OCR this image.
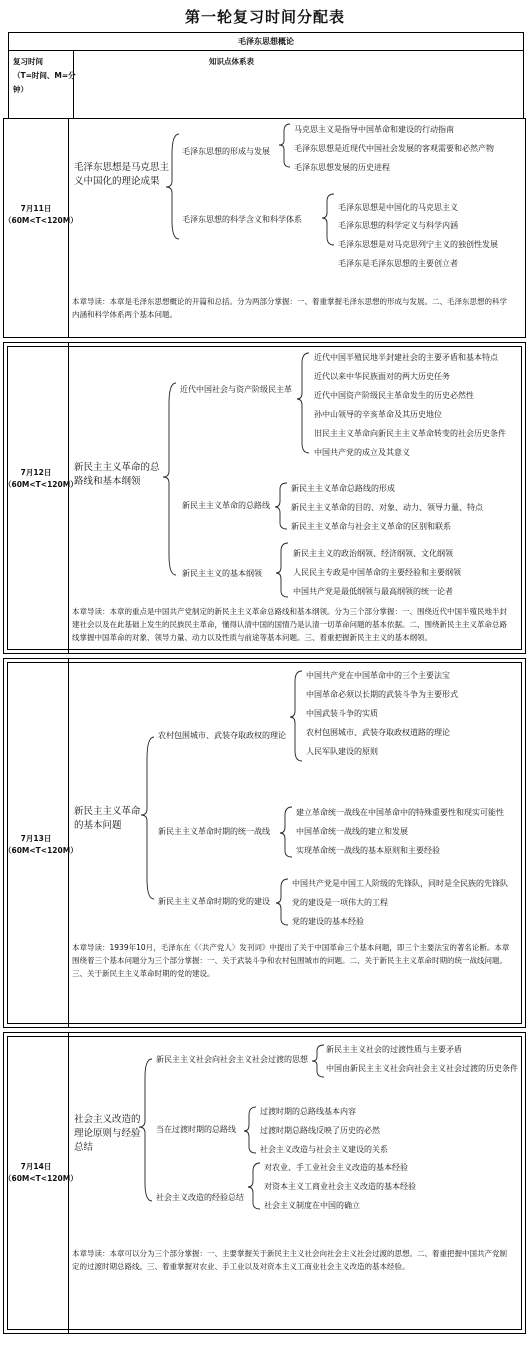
第一轮复习时间分配表
毛泽东思想概论
复习时间
（T=时间、M=分
钟）
知识点体系表
7月11日
（60M<T<120M）
毛泽东思想是马克思主义中国化的理论成果
毛泽东思想的形成与发展
毛泽东思想的科学含义和科学体系
马克思主义是指导中国革命和建设的行动指南
毛泽东思想是近现代中国社会发展的客观需要和必然产物
毛泽东思想发展的历史进程
毛泽东思想是中国化的马克思主义
毛泽东思想的科学定义与科学内涵
毛泽东思想是对马克思列宁主义的独创性发展
毛泽东是毛泽东思想的主要创立者
本章导读：本章是毛泽东思想概论的开篇和总括。分为两部分掌握：一、着重掌握毛泽东思想的形成与发展。二、毛泽东思想的科学内涵和科学体系两个基本问题。
7月12日
（60M<T<120M）
新民主主义革命的总路线和基本纲领
近代中国社会与资产阶级民主革
新民主主义革命的总路线
新民主主义的基本纲领
近代中国半殖民地半封建社会的主要矛盾和基本特点
近代以来中华民族面对的两大历史任务
近代中国资产阶级民主革命发生的历史必然性
孙中山领导的辛亥革命及其历史地位
旧民主主义革命向新民主主义革命转变的社会历史条件
中国共产党的成立及其意义
新民主主义革命总路线的形成
新民主主义革命的目的、对象、动力、领导力量、特点
新民主主义革命与社会主义革命的区别和联系
新民主主义的政治纲领、经济纲领、文化纲领
人民民主专政是中国革命的主要经验和主要纲领
中国共产党是最低纲领与最高纲领的统一论者
本章导读：本章的重点是中国共产党制定的新民主主义革命总路线和基本纲领。分为三个部分掌握：一、围绕近代中国半殖民地半封建社会以及在此基础上发生的民族民主革命，懂得认清中国的国情乃是认清一切革命问题的基本依据。二、围绕新民主主义革命总路线掌握中国革命的对象、领导力量、动力以及性质与前途等基本问题。三、着重把握新民主主义的基本纲领。
7月13日
（60M<T<120M）
新民主主义革命的基本问题
农村包围城市、武装夺取政权的理论
新民主主义革命时期的统一战线
新民主主义革命时期的党的建设
中国共产党在中国革命中的三个主要法宝
中国革命必须以长期的武装斗争为主要形式
中国武装斗争的实质
农村包围城市、武装夺取政权道路的理论
人民军队建设的原则
建立革命统一战线在中国革命中的特殊重要性和现实可能性
中国革命统一战线的建立和发展
实现革命统一战线的基本原则和主要经验
中国共产党是中国工人阶级的先锋队，同时是全民族的先锋队
党的建设是一项伟大的工程
党的建设的基本经验
本章导读：1939年10月，毛泽东在《〈共产党人〉发刊词》中提出了关于中国革命三个基本问题，即三个主要法宝的著名论断。本章围绕着三个基本问题分为三个部分掌握：一、关于武装斗争和农村包围城市的问题。二、关于新民主主义革命时期的统一战线问题。三、关于新民主主义革命时期的党的建设。
7月14日
（60M<T<120M）
社会主义改造的理论原则与经验总结
新民主主义社会向社会主义社会过渡的思想
当在过渡时期的总路线
社会主义改造的经验总结
新民主主义社会的过渡性质与主要矛盾
中国由新民主主义社会向社会主义社会过渡的历史条件
过渡时期的总路线基本内容
过渡时期总路线反映了历史的必然
社会主义改造与社会主义建设的关系
对农业、手工业社会主义改造的基本经验
对资本主义工商业社会主义改造的基本经验
社会主义制度在中国的确立
本章导读：本章可以分为三个部分掌握：一、主要掌握关于新民主主义社会向社会主义社会过渡的思想。二、着重把握中国共产党制定的过渡时期总路线。三、着重掌握对农业、手工业以及对资本主义工商业社会主义改造的基本经验。
